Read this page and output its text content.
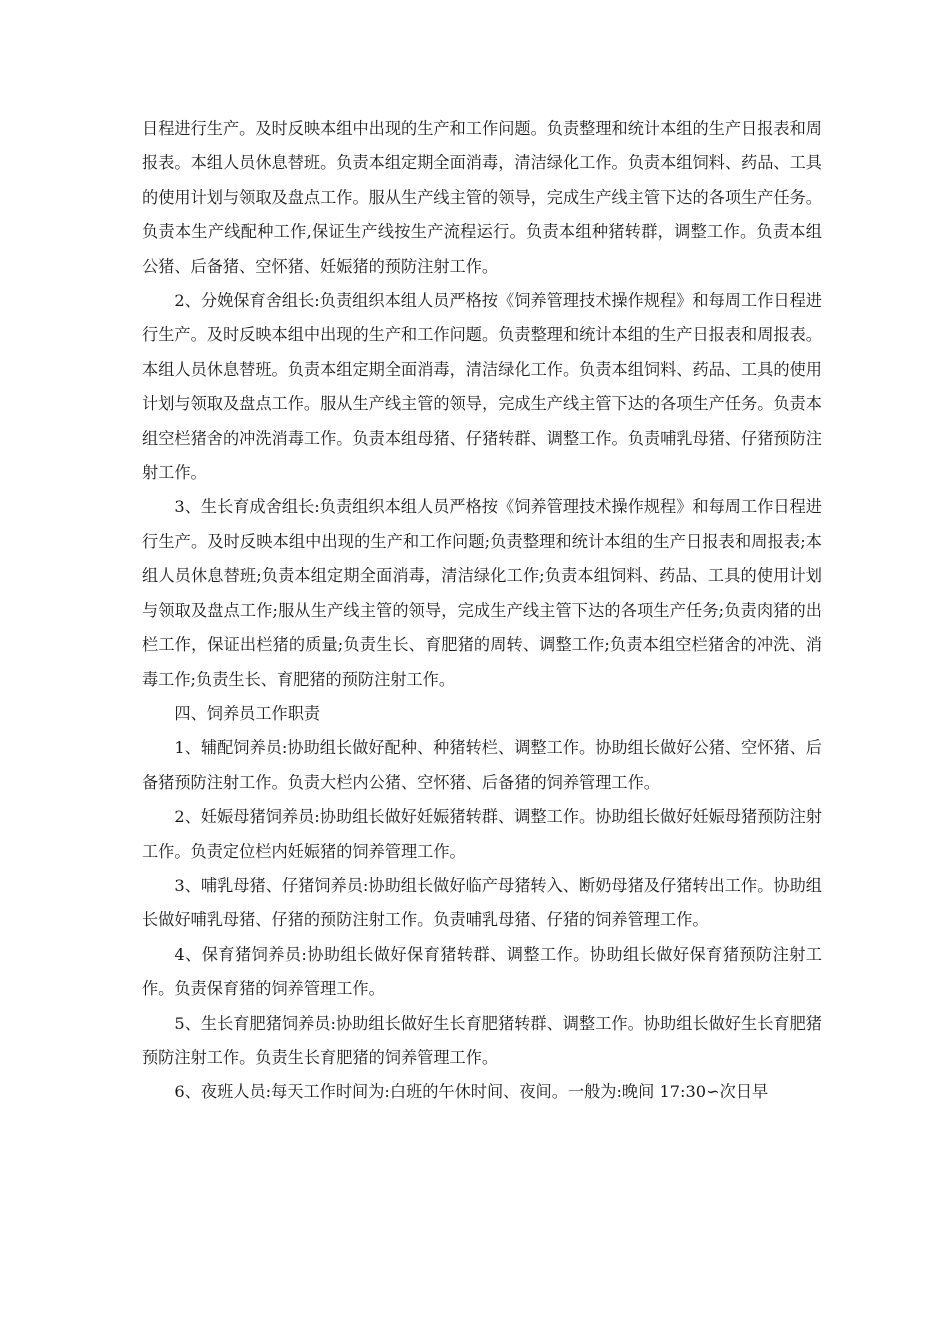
日程进行生产。及时反映本组中出现的生产和工作问题。负责整理和统计本组的生产日报表和周报表。本组人员休息替班。负责本组定期全面消毒，清洁绿化工作。负责本组饲料、药品、工具的使用计划与领取及盘点工作。服从生产线主管的领导，完成生产线主管下达的各项生产任务。负责本生产线配种工作,保证生产线按生产流程运行。负责本组种猪转群，调整工作。负责本组公猪、后备猪、空怀猪、妊娠猪的预防注射工作。

2、分娩保育舍组长:负责组织本组人员严格按《饲养管理技术操作规程》和每周工作日程进行生产。及时反映本组中出现的生产和工作问题。负责整理和统计本组的生产日报表和周报表。本组人员休息替班。负责本组定期全面消毒，清洁绿化工作。负责本组饲料、药品、工具的使用计划与领取及盘点工作。服从生产线主管的领导，完成生产线主管下达的各项生产任务。负责本组空栏猪舍的冲洗消毒工作。负责本组母猪、仔猪转群、调整工作。负责哺乳母猪、仔猪预防注射工作。

3、生长育成舍组长:负责组织本组人员严格按《饲养管理技术操作规程》和每周工作日程进行生产。及时反映本组中出现的生产和工作问题;负责整理和统计本组的生产日报表和周报表;本组人员休息替班;负责本组定期全面消毒，清洁绿化工作;负责本组饲料、药品、工具的使用计划与领取及盘点工作;服从生产线主管的领导，完成生产线主管下达的各项生产任务;负责肉猪的出栏工作，保证出栏猪的质量;负责生长、育肥猪的周转、调整工作;负责本组空栏猪舍的冲洗、消毒工作;负责生长、育肥猪的预防注射工作。

四、饲养员工作职责

1、辅配饲养员:协助组长做好配种、种猪转栏、调整工作。协助组长做好公猪、空怀猪、后备猪预防注射工作。负责大栏内公猪、空怀猪、后备猪的饲养管理工作。

2、妊娠母猪饲养员:协助组长做好妊娠猪转群、调整工作。协助组长做好妊娠母猪预防注射工作。负责定位栏内妊娠猪的饲养管理工作。

3、哺乳母猪、仔猪饲养员:协助组长做好临产母猪转入、断奶母猪及仔猪转出工作。协助组长做好哺乳母猪、仔猪的预防注射工作。负责哺乳母猪、仔猪的饲养管理工作。

4、保育猪饲养员:协助组长做好保育猪转群、调整工作。协助组长做好保育猪预防注射工作。负责保育猪的饲养管理工作。

5、生长育肥猪饲养员:协助组长做好生长育肥猪转群、调整工作。协助组长做好生长育肥猪预防注射工作。负责生长育肥猪的饲养管理工作。

6、夜班人员:每天工作时间为:白班的午休时间、夜间。一般为:晚间 17:30∽次日早
